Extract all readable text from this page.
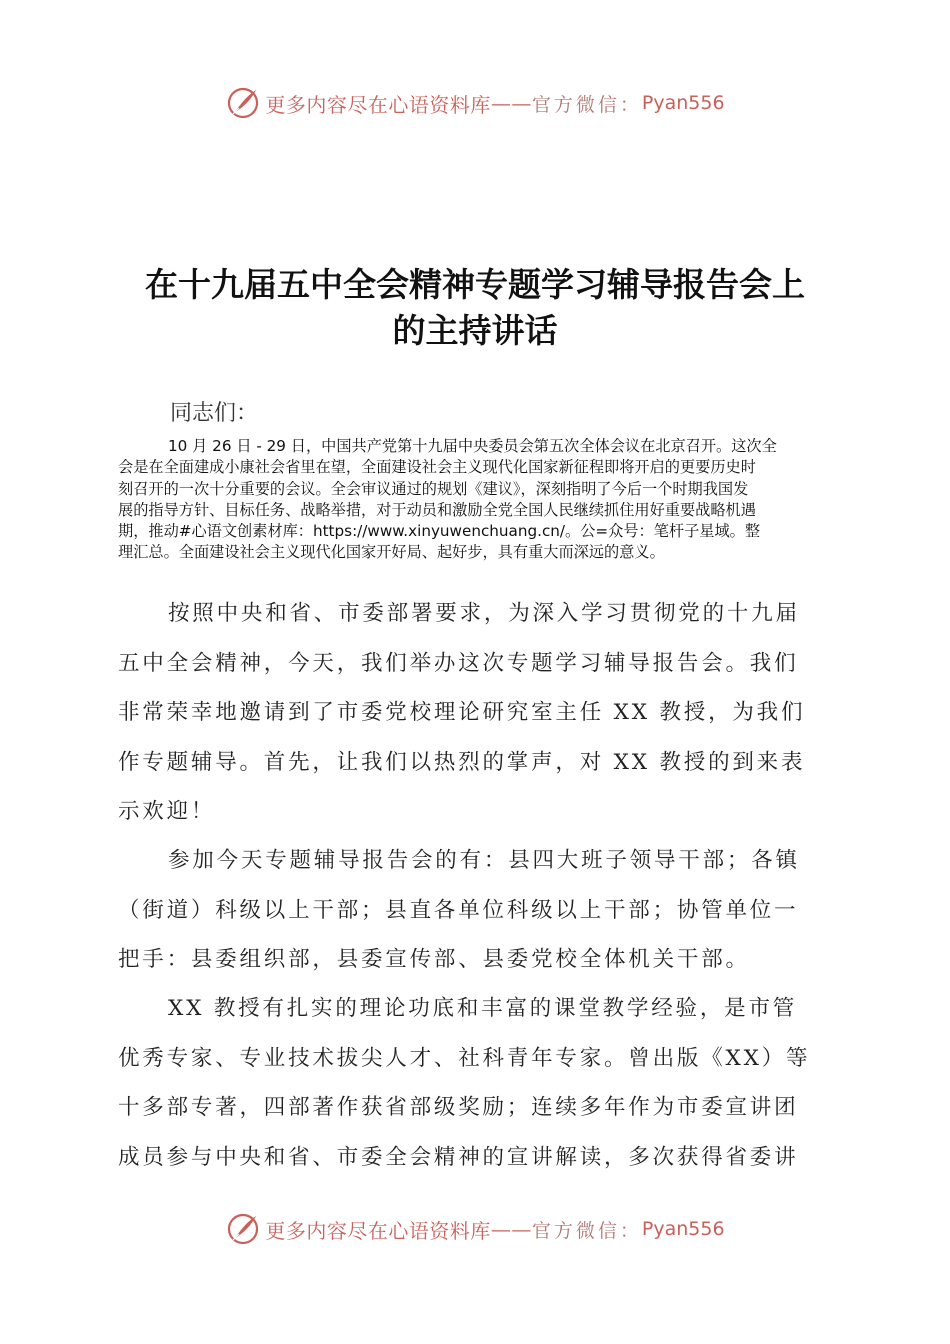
更多内容尽在心语资料库 —— 官方微信： Pyan556
在十九届五中全会精神专题学习辅导报告会上
的主持讲话
同志们：

10 月 26 日 - 29 日，中国共产党第十九届中央委员会第五次全体会议在北京召开。这次全
会是在全面建成小康社会省里在望，全面建设社会主义现代化国家新征程即将开启的更要历史时
刻召开的一次十分重要的会议。全会审议通过的规划《建议》，深刻指明了今后一个时期我国发
展的指导方针、目标任务、战略举措，对于动员和激励全党全国人民继续抓住用好重要战略机遇
期，推动#心语文创素材库：https://www.xinyuwenchuang.cn/。公=众号：笔杆子星域。整
理汇总。全面建设社会主义现代化国家开好局、起好步，具有重大而深远的意义。

按照中央和省、市委部署要求，为深入学习贯彻党的十九届
五中全会精神，今天，我们举办这次专题学习辅导报告会。我们
非常荣幸地邀请到了市委党校理论研究室主任 XX 教授，为我们
作专题辅导。首先，让我们以热烈的掌声，对 XX 教授的到来表
示欢迎！

参加今天专题辅导报告会的有：县四大班子领导干部；各镇
（街道）科级以上干部；县直各单位科级以上干部；协管单位一
把手：县委组织部，县委宣传部、县委党校全体机关干部。

XX 教授有扎实的理论功底和丰富的课堂教学经验，是市管
优秀专家、专业技术拔尖人才、社科青年专家。曾出版《XX）等
十多部专著，四部著作获省部级奖励；连续多年作为市委宣讲团
成员参与中央和省、市委全会精神的宣讲解读，多次获得省委讲

更多内容尽在心语资料库 —— 官方微信： Pyan556
